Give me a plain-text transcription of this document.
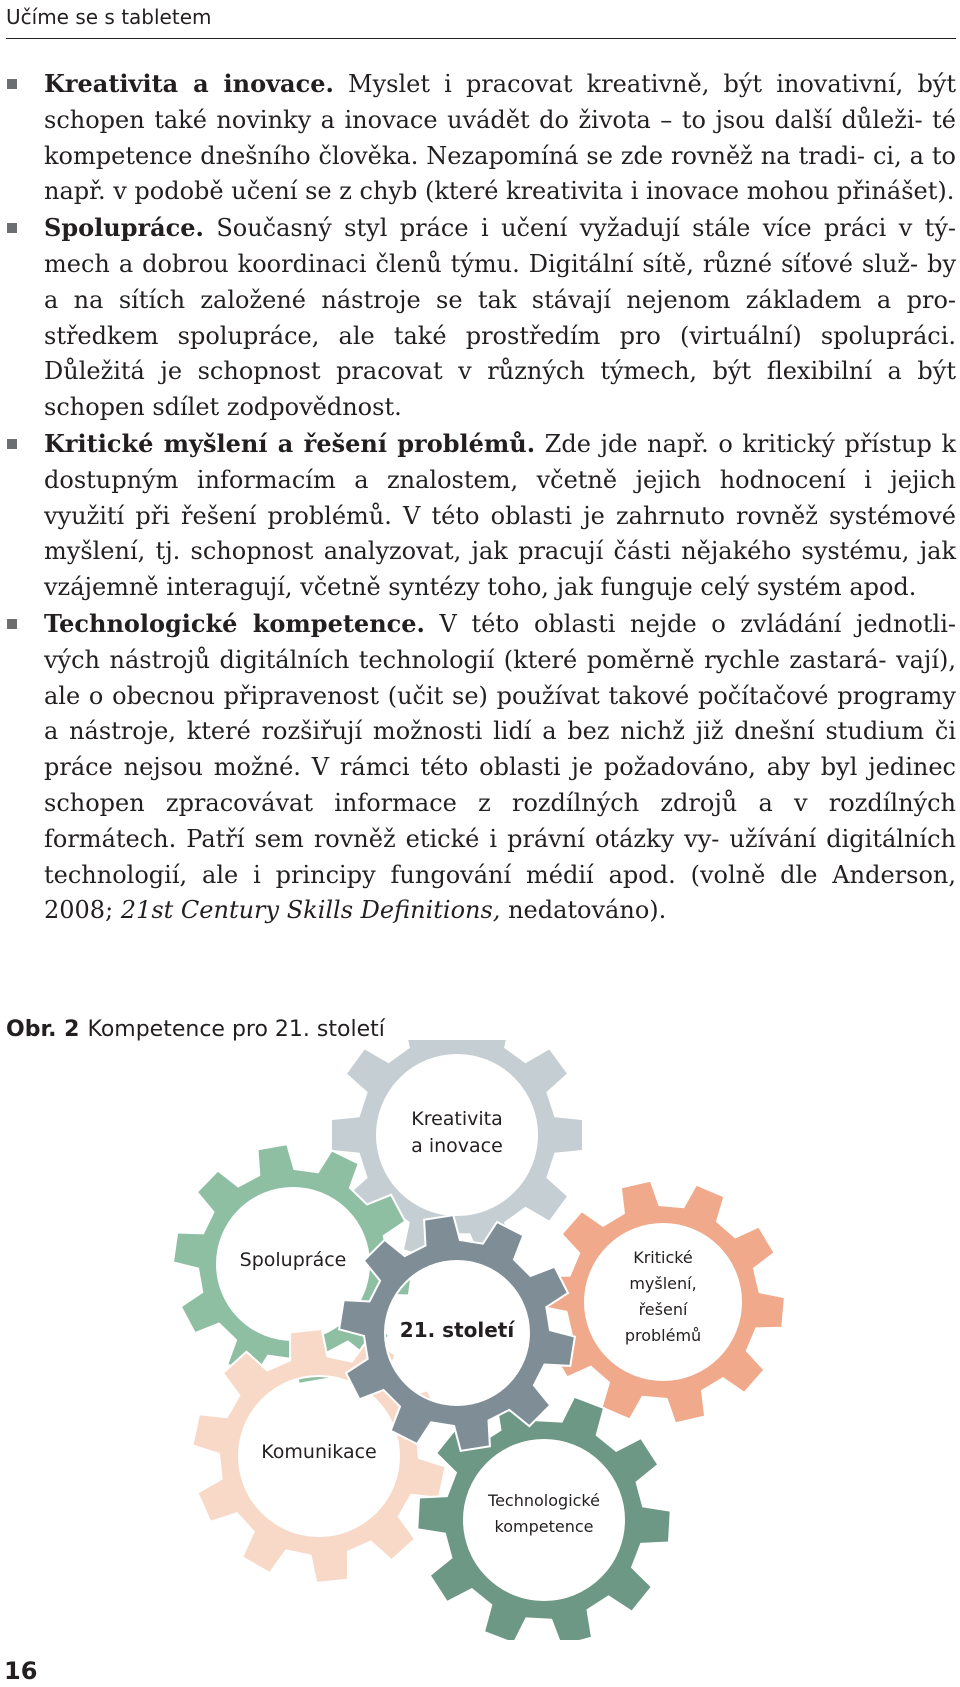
Učíme se s tabletem

Kreativita a inovace. Myslet i pracovat kreativně, být inovativní, být schopen také novinky a inovace uvádět do života – to jsou další důleži- té kompetence dnešního člověka. Nezapomíná se zde rovněž na tradi- ci, a to např. v podobě učení se z chyb (které kreativita i inovace mohou přinášet).

Spolupráce. Současný styl práce i učení vyžadují stále více práci v tý- mech a dobrou koordinaci členů týmu. Digitální sítě, různé síťové služ- by a na sítích založené nástroje se tak stávají nejenom základem a pro- středkem spolupráce, ale také prostředím pro (virtuální) spolupráci. Důležitá je schopnost pracovat v různých týmech, být flexibilní a být schopen sdílet zodpovědnost.

Kritické myšlení a řešení problémů. Zde jde např. o kritický přístup k dostupným informacím a znalostem, včetně jejich hodnocení i jejich využití při řešení problémů. V této oblasti je zahrnuto rovněž systémové myšlení, tj. schopnost analyzovat, jak pracují části nějakého systému, jak vzájemně interagují, včetně syntézy toho, jak funguje celý systém apod.

Technologické kompetence. V této oblasti nejde o zvládání jednotli- vých nástrojů digitálních technologií (které poměrně rychle zastará- vají), ale o obecnou připravenost (učit se) používat takové počítačové programy a nástroje, které rozšiřují možnosti lidí a bez nichž již dnešní studium či práce nejsou možné. V rámci této oblasti je požadováno, aby byl jedinec schopen zpracovávat informace z rozdílných zdrojů a v rozdílných formátech. Patří sem rovněž etické i právní otázky vy- užívání digitálních technologií, ale i principy fungování médií apod. (volně dle Anderson, 2008; 21st Century Skills Definitions, nedatováno).

Obr. 2 Kompetence pro 21. století
Kreativita
a inovace
Spolupráce	Kritické
myšlení,
řešení
problémů
Komunikace
Technologické
kompetence
21. století
16
